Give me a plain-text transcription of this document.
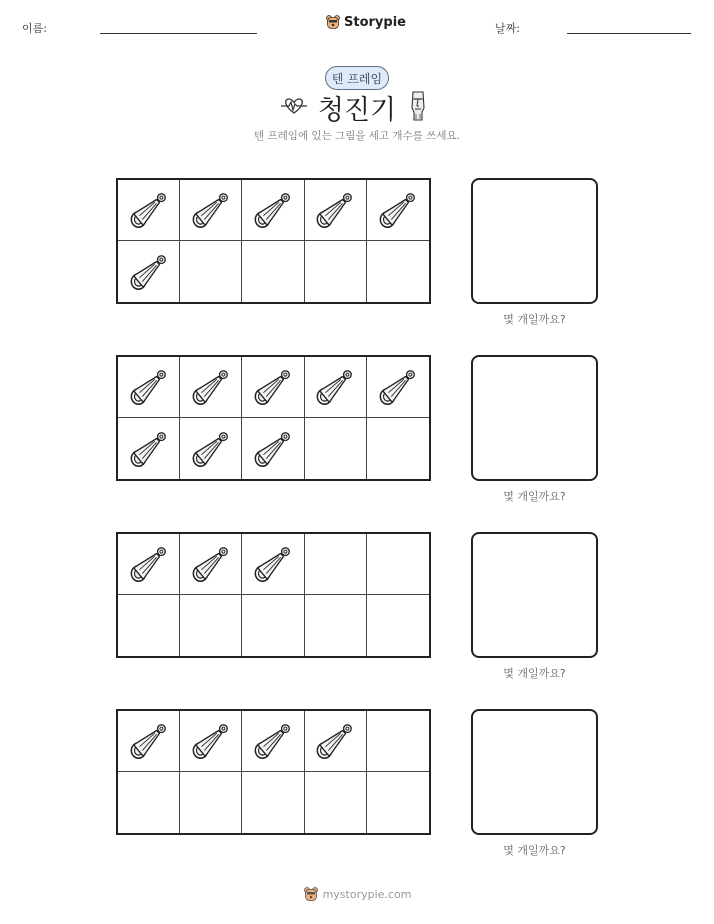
이름:	Storypie	날짜:
텐 프레임
청진기
텐 프레임에 있는 그림을 세고 개수를 쓰세요.
몇 개일까요?
몇 개일까요?
몇 개일까요?
몇 개일까요?
mystorypie.com
